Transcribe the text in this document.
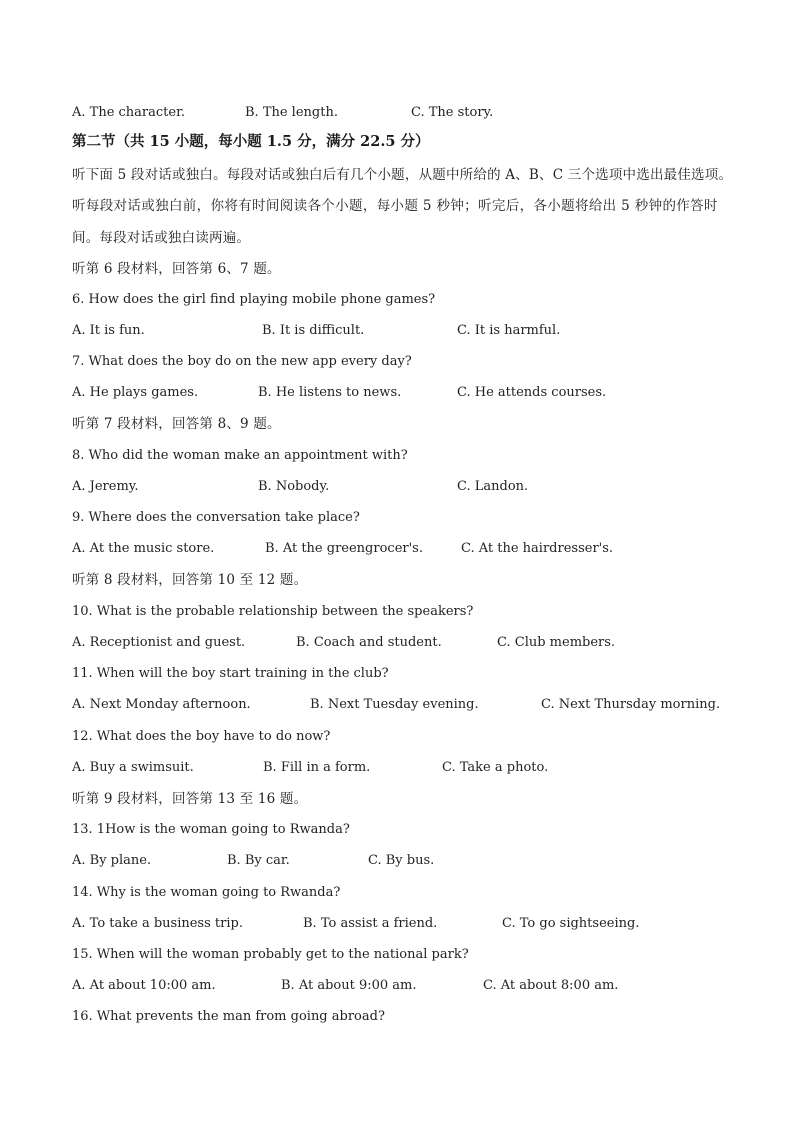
A. The character.	B. The length.	C. The story.
第二节（共 15 小题，每小题 1.5 分，满分 22.5 分）
听下面 5 段对话或独白。每段对话或独白后有几个小题，从题中所给的 A、B、C 三个选项中选出最佳选项。
听每段对话或独白前，你将有时间阅读各个小题，每小题 5 秒钟；听完后，各小题将给出 5 秒钟的作答时
间。每段对话或独白读两遍。
听第 6 段材料，回答第 6、7 题。
6. How does the girl find playing mobile phone games?
A. It is fun.	B. It is difficult.	C. It is harmful.
7. What does the boy do on the new app every day?
A. He plays games.	B. He listens to news.	C. He attends courses.
听第 7 段材料，回答第 8、9 题。
8. Who did the woman make an appointment with?
A. Jeremy.	B. Nobody.	C. Landon.
9. Where does the conversation take place?
A. At the music store.	B. At the greengrocer's.	C. At the hairdresser's.
听第 8 段材料，回答第 10 至 12 题。
10. What is the probable relationship between the speakers?
A. Receptionist and guest.	B. Coach and student.	C. Club members.
11. When will the boy start training in the club?
A. Next Monday afternoon.	B. Next Tuesday evening.	C. Next Thursday morning.
12. What does the boy have to do now?
A. Buy a swimsuit.	B. Fill in a form.	C. Take a photo.
听第 9 段材料，回答第 13 至 16 题。
13. 1How is the woman going to Rwanda?
A. By plane.	B. By car.	C. By bus.
14. Why is the woman going to Rwanda?
A. To take a business trip.	B. To assist a friend.	C. To go sightseeing.
15. When will the woman probably get to the national park?
A. At about 10:00 am.	B. At about 9:00 am.	C. At about 8:00 am.
16. What prevents the man from going abroad?
